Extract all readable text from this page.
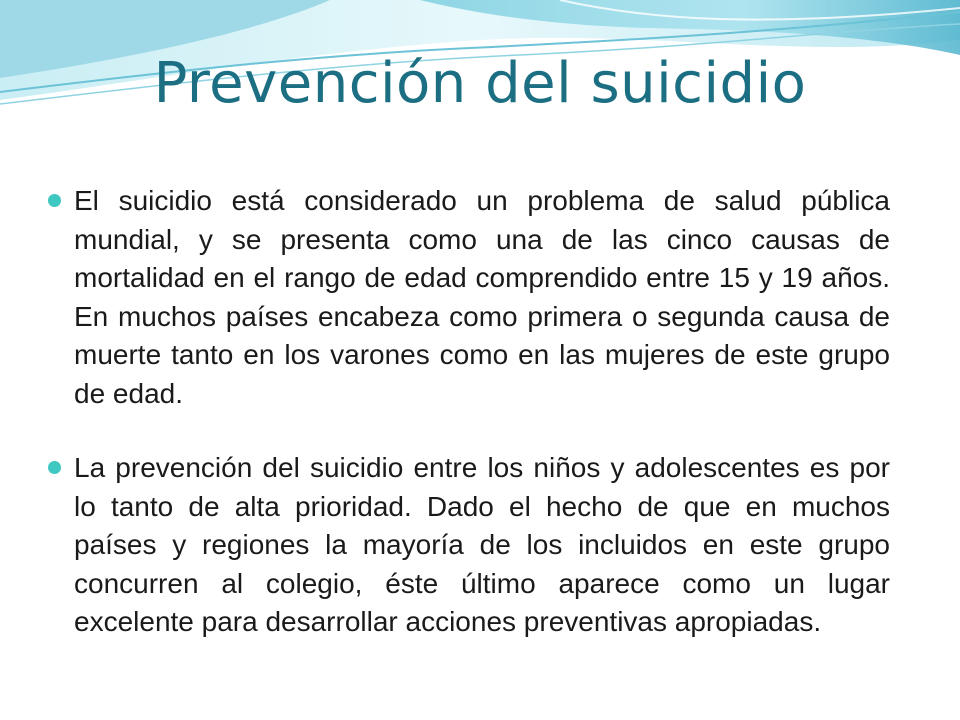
Prevención del suicidio

El suicidio está considerado un problema de salud pública mundial, y se presenta como una de las cinco causas de mortalidad en el rango de edad comprendido entre 15 y 19 años. En muchos países encabeza como primera o segunda causa de muerte tanto en los varones como en las mujeres de este grupo de edad.

La prevención del suicidio entre los niños y adolescentes es por lo tanto de alta prioridad. Dado el hecho de que en muchos países y regiones la mayoría de los incluidos en este grupo concurren al colegio, éste último aparece como un lugar excelente para desarrollar acciones preventivas apropiadas.
